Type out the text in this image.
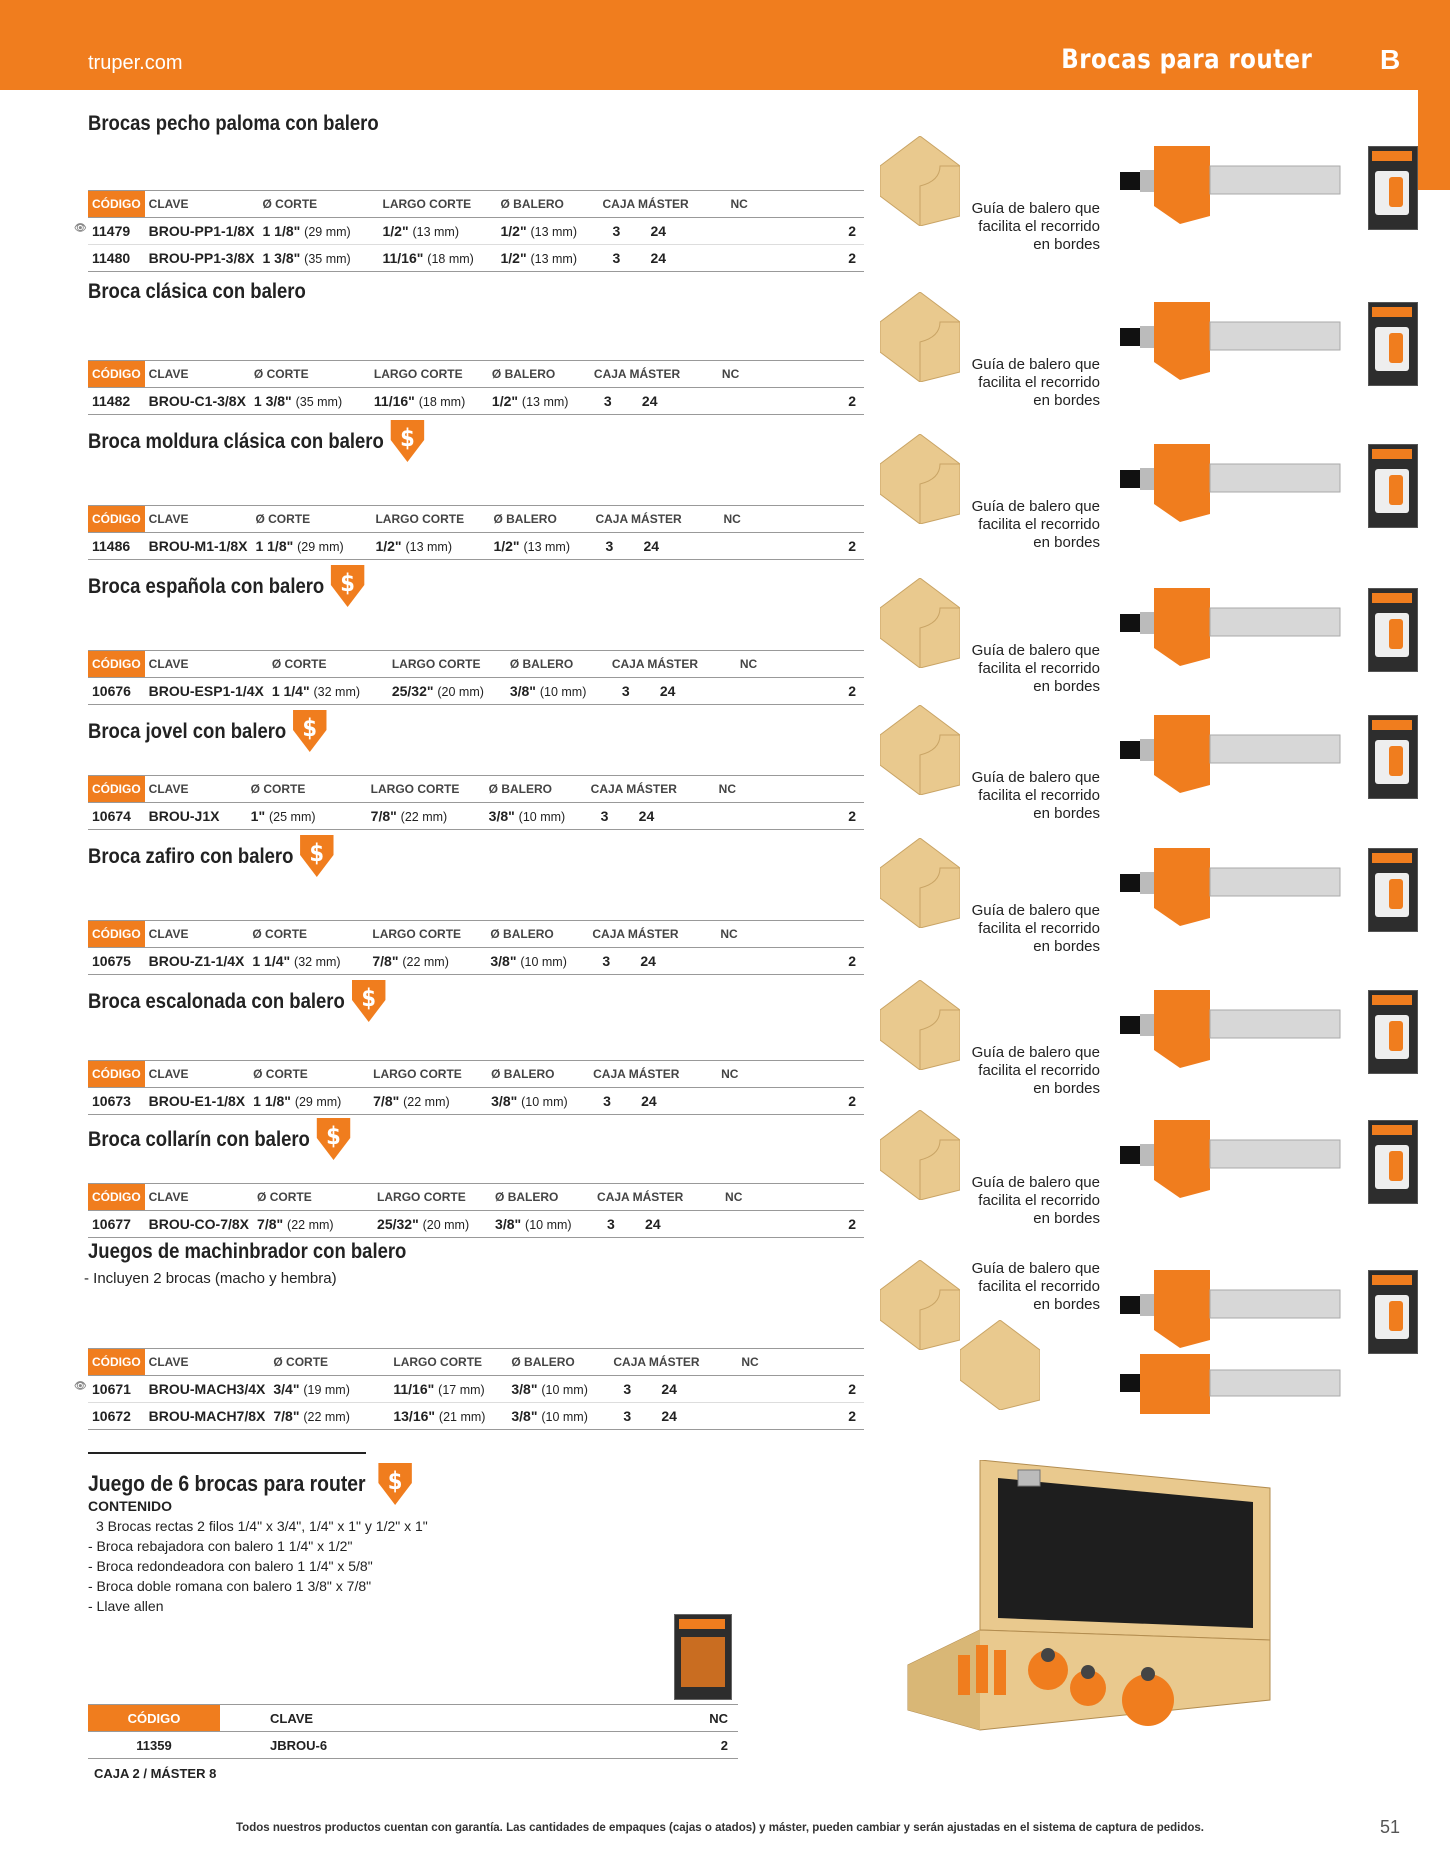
truper.com	Brocas para router B
Brocas pecho paloma con balero
CÓDIGO	CLAVE	Ø CORTE	LARGO CORTE	Ø BALERO	CAJA MÁSTER	NC

👁 11479	BROU-PP1-1/8X	1 1/8" (29 mm)	1/2" (13 mm)	1/2" (13 mm)	3 24	2
11480	BROU-PP1-3/8X	1 3/8" (35 mm)	11/16" (18 mm)	1/2" (13 mm)	3 24	2
Guía de balero que
facilita el recorrido
en bordes
Broca clásica con balero
CÓDIGO	CLAVE	Ø CORTE	LARGO CORTE	Ø BALERO	CAJA MÁSTER	NC
11482	BROU-C1-3/8X	1 3/8" (35 mm)	11/16" (18 mm)	1/2" (13 mm)	3 24	2
Guía de balero que
facilita el recorrido
en bordes
Broca moldura clásica con balero $
CÓDIGO	CLAVE	Ø CORTE	LARGO CORTE	Ø BALERO	CAJA MÁSTER	NC
11486	BROU-M1-1/8X	1 1/8" (29 mm)	1/2" (13 mm)	1/2" (13 mm)	3 24	2
Guía de balero que
facilita el recorrido
en bordes
Broca española con balero $
CÓDIGO	CLAVE	Ø CORTE	LARGO CORTE	Ø BALERO	CAJA MÁSTER	NC
10676	BROU-ESP1-1/4X	1 1/4" (32 mm)	25/32" (20 mm)	3/8" (10 mm)	3 24	2
Guía de balero que
facilita el recorrido
en bordes
Broca jovel con balero $
CÓDIGO	CLAVE	Ø CORTE	LARGO CORTE	Ø BALERO	CAJA MÁSTER	NC
10674	BROU-J1X	1" (25 mm)	7/8" (22 mm)	3/8" (10 mm)	3 24	2
Guía de balero que
facilita el recorrido
en bordes
Broca zafiro con balero $
CÓDIGO	CLAVE	Ø CORTE	LARGO CORTE	Ø BALERO	CAJA MÁSTER	NC
10675	BROU-Z1-1/4X	1 1/4" (32 mm)	7/8" (22 mm)	3/8" (10 mm)	3 24	2
Guía de balero que
facilita el recorrido
en bordes
Broca escalonada con balero $
CÓDIGO	CLAVE	Ø CORTE	LARGO CORTE	Ø BALERO	CAJA MÁSTER	NC
10673	BROU-E1-1/8X	1 1/8" (29 mm)	7/8" (22 mm)	3/8" (10 mm)	3 24	2
Guía de balero que
facilita el recorrido
en bordes
Broca collarín con balero $
CÓDIGO	CLAVE	Ø CORTE	LARGO CORTE	Ø BALERO	CAJA MÁSTER	NC
10677	BROU-CO-7/8X	7/8" (22 mm)	25/32" (20 mm)	3/8" (10 mm)	3 24	2
Guía de balero que
facilita el recorrido
en bordes
Juegos de machinbrador con balero
- Incluyen 2 brocas (macho y hembra)
CÓDIGO	CLAVE	Ø CORTE	LARGO CORTE	Ø BALERO	CAJA MÁSTER	NC

👁 10671	BROU-MACH3/4X	3/4" (19 mm)	11/16" (17 mm)	3/8" (10 mm)	3 24	2
10672	BROU-MACH7/8X	7/8" (22 mm)	13/16" (21 mm)	3/8" (10 mm)	3 24	2
Guía de balero que
facilita el recorrido
en bordes
Juego de 6 brocas para router $
CONTENIDO
3 Brocas rectas 2 filos 1/4" x 3/4", 1/4" x 1" y 1/2" x 1"
- Broca rebajadora con balero 1 1/4" x 1/2"
- Broca redondeadora con balero 1 1/4" x 5/8"
- Broca doble romana con balero 1 3/8" x 7/8"
- Llave allen
CÓDIGO	CLAVE	NC
11359	JBROU-6	2
CAJA 2 / MÁSTER 8
Todos nuestros productos cuentan con garantía. Las cantidades de empaques (cajas o atados) y máster, pueden cambiar y serán ajustadas en el sistema de captura de pedidos.	51
